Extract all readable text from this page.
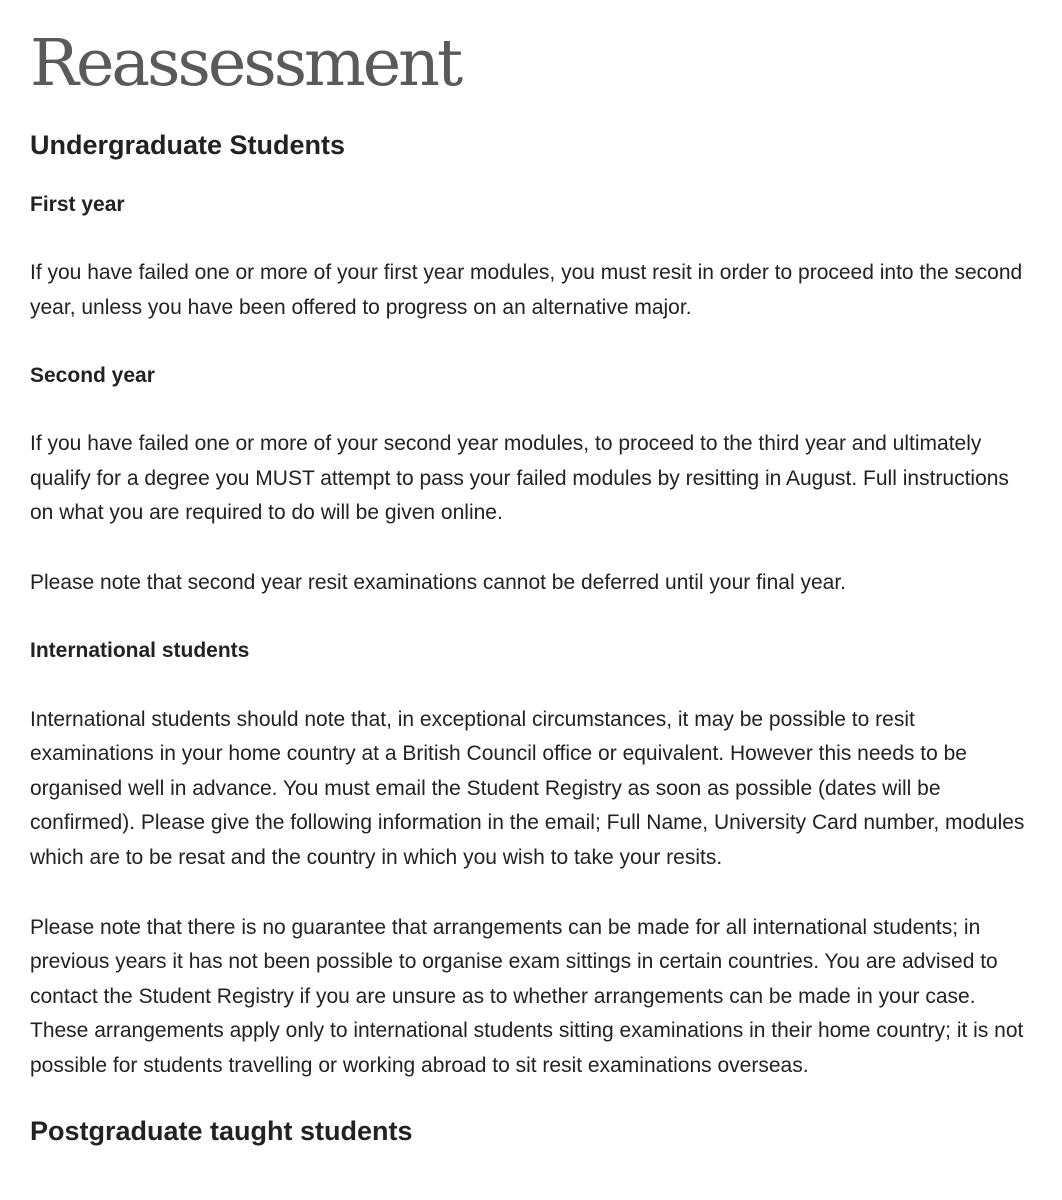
Reassessment
Undergraduate Students
First year

If you have failed one or more of your first year modules, you must resit in order to proceed into the second year, unless you have been offered to progress on an alternative major.

Second year

If you have failed one or more of your second year modules, to proceed to the third year and ultimately qualify for a degree you MUST attempt to pass your failed modules by resitting in August. Full instructions on what you are required to do will be given online.

Please note that second year resit examinations cannot be deferred until your final year.

International students

International students should note that, in exceptional circumstances, it may be possible to resit examinations in your home country at a British Council office or equivalent. However this needs to be organised well in advance. You must email the Student Registry as soon as possible (dates will be confirmed). Please give the following information in the email; Full Name, University Card number, modules which are to be resat and the country in which you wish to take your resits.

Please note that there is no guarantee that arrangements can be made for all international students; in previous years it has not been possible to organise exam sittings in certain countries. You are advised to contact the Student Registry if you are unsure as to whether arrangements can be made in your case. These arrangements apply only to international students sitting examinations in their home country; it is not possible for students travelling or working abroad to sit resit examinations overseas.

Postgraduate taught students
